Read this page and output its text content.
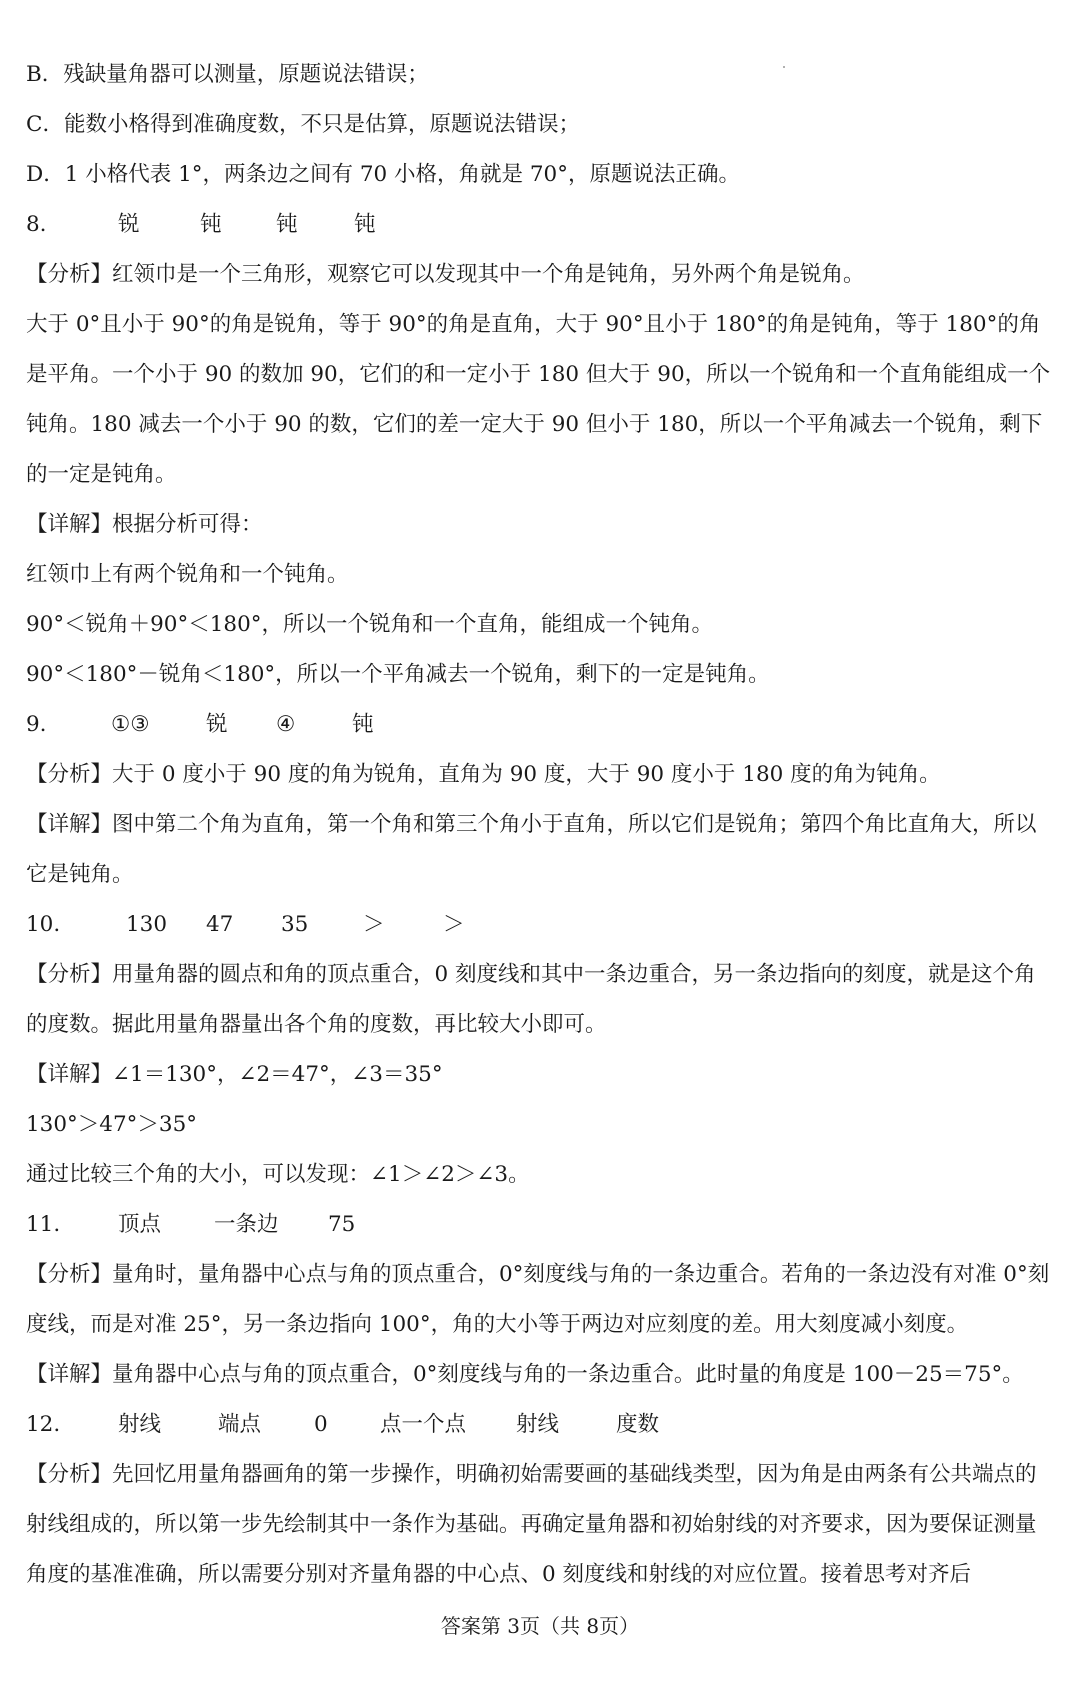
B．残缺量角器可以测量，原题说法错误；
C．能数小格得到准确度数，不只是估算，原题说法错误；
D．1 小格代表 1°，两条边之间有 70 小格，角就是 70°，原题说法正确。
8.	锐	钝	钝	钝
【分析】红领巾是一个三角形，观察它可以发现其中一个角是钝角，另外两个角是锐角。
大于 0°且小于 90°的角是锐角，等于 90°的角是直角，大于 90°且小于 180°的角是钝角，等于 180°的角是平角。一个小于 90 的数加 90，它们的和一定小于 180 但大于 90，所以一个锐角和一个直角能组成一个钝角。180 减去一个小于 90 的数，它们的差一定大于 90 但小于 180，所以一个平角减去一个锐角，剩下的一定是钝角。
【详解】根据分析可得：
红领巾上有两个锐角和一个钝角。
90°＜锐角＋90°＜180°，所以一个锐角和一个直角，能组成一个钝角。
90°＜180°－锐角＜180°，所以一个平角减去一个锐角，剩下的一定是钝角。
9.	①③	锐 ④	钝
【分析】大于 0 度小于 90 度的角为锐角，直角为 90 度，大于 90 度小于 180 度的角为钝角。
【详解】图中第二个角为直角，第一个角和第三个角小于直角，所以它们是锐角；第四个角比直角大，所以它是钝角。
10.	130 47 35	＞	＞
【分析】用量角器的圆点和角的顶点重合，0 刻度线和其中一条边重合，另一条边指向的刻度，就是这个角的度数。据此用量角器量出各个角的度数，再比较大小即可。
【详解】∠1＝130°，∠2＝47°，∠3＝35°
130°＞47°＞35°
通过比较三个角的大小，可以发现：∠1＞∠2＞∠3。
11.	顶点 一条边 75
【分析】量角时，量角器中心点与角的顶点重合，0°刻度线与角的一条边重合。若角的一条边没有对准 0°刻度线，而是对准 25°，另一条边指向 100°，角的大小等于两边对应刻度的差。用大刻度减小刻度。
【详解】量角器中心点与角的顶点重合，0°刻度线与角的一条边重合。此时量的角度是 100－25＝75°。
12.	射线	端点 0 点一个点 射线	度数
【分析】先回忆用量角器画角的第一步操作，明确初始需要画的基础线类型，因为角是由两条有公共端点的射线组成的，所以第一步先绘制其中一条作为基础。再确定量角器和初始射线的对齐要求，因为要保证测量角度的基准准确，所以需要分别对齐量角器的中心点、0 刻度线和射线的对应位置。接着思考对齐后
答案第 3页（共 8页）
